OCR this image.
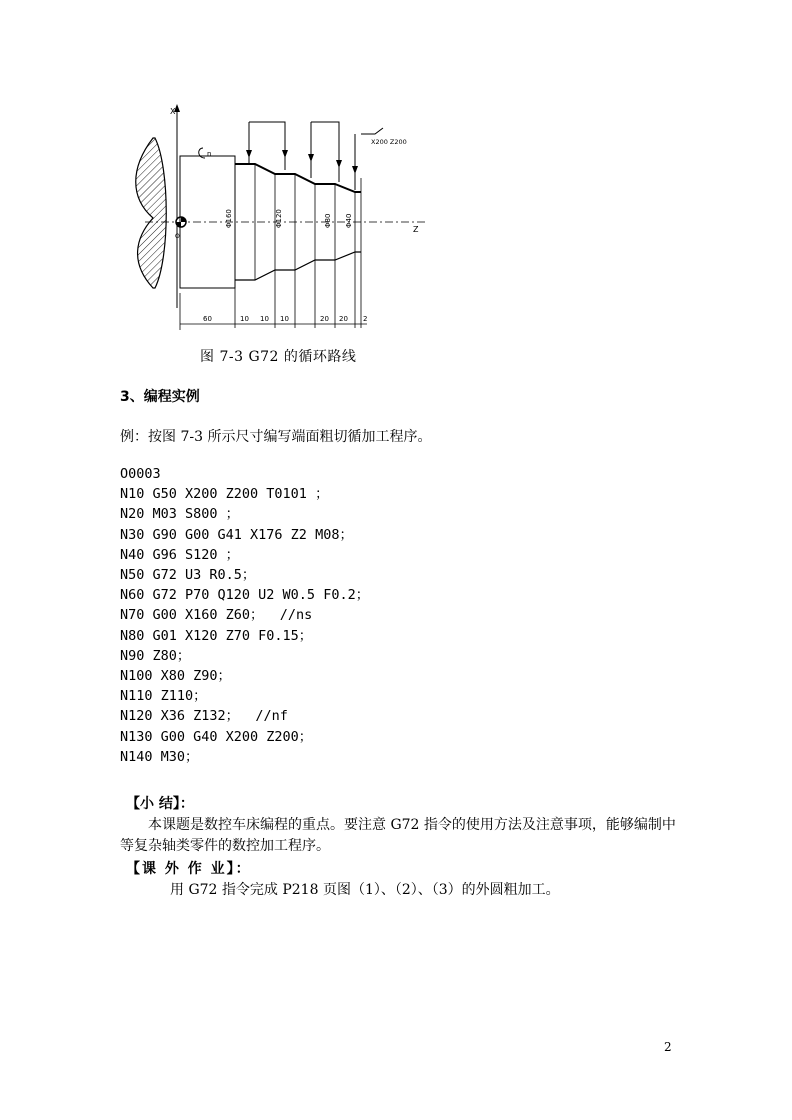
X
Z
O
n
X200 Z200
Φ160	Φ120	Φ80 Φ40
60	10 10 10	20 20 2
图 7-3 G72 的循环路线
3、编程实例
例：按图 7-3 所示尺寸编写端面粗切循加工程序。
O0003
N10 G50 X200 Z200 T0101 ；
N20 M03 S800 ；
N30 G90 G00 G41 X176 Z2 M08；
N40 G96 S120 ；
N50 G72 U3 R0.5；
N60 G72 P70 Q120 U2 W0.5 F0.2；
N70 G00 X160 Z60；  //ns
N80 G01 X120 Z70 F0.15；
N90 Z80；
N100 X80 Z90；
N110 Z110；
N120 X36 Z132；  //nf
N130 G00 G40 X200 Z200；
N140 M30；
【小 结】：

本课题是数控车床编程的重点。要注意 G72 指令的使用方法及注意事项，能够编制中等复杂轴类零件的数控加工程序。

【课 外 作 业】：
用 G72 指令完成 P218 页图（1）、（2）、（3）的外圆粗加工。
2
